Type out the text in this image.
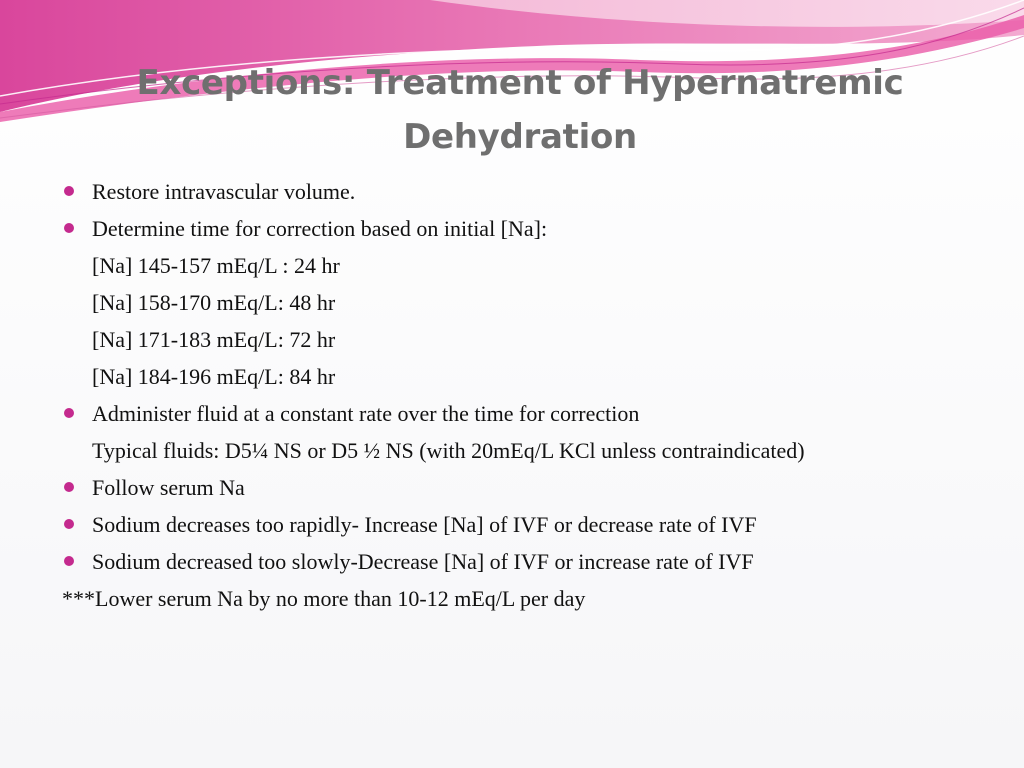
Exceptions: Treatment of Hypernatremic
Dehydration
Restore intravascular volume.
Determine time for correction based on initial [Na]:
[Na] 145-157 mEq/L : 24 hr
[Na] 158-170 mEq/L: 48 hr
[Na] 171-183 mEq/L: 72 hr
[Na] 184-196 mEq/L: 84 hr
Administer fluid at a constant rate over the time for correction
Typical fluids: D5¼ NS or D5 ½ NS (with 20mEq/L KCl unless contraindicated)
Follow serum Na
Sodium decreases too rapidly- Increase [Na] of IVF or decrease rate of IVF
Sodium decreased too slowly-Decrease [Na] of IVF or increase rate of IVF
***Lower serum Na by no more than 10-12 mEq/L per day
